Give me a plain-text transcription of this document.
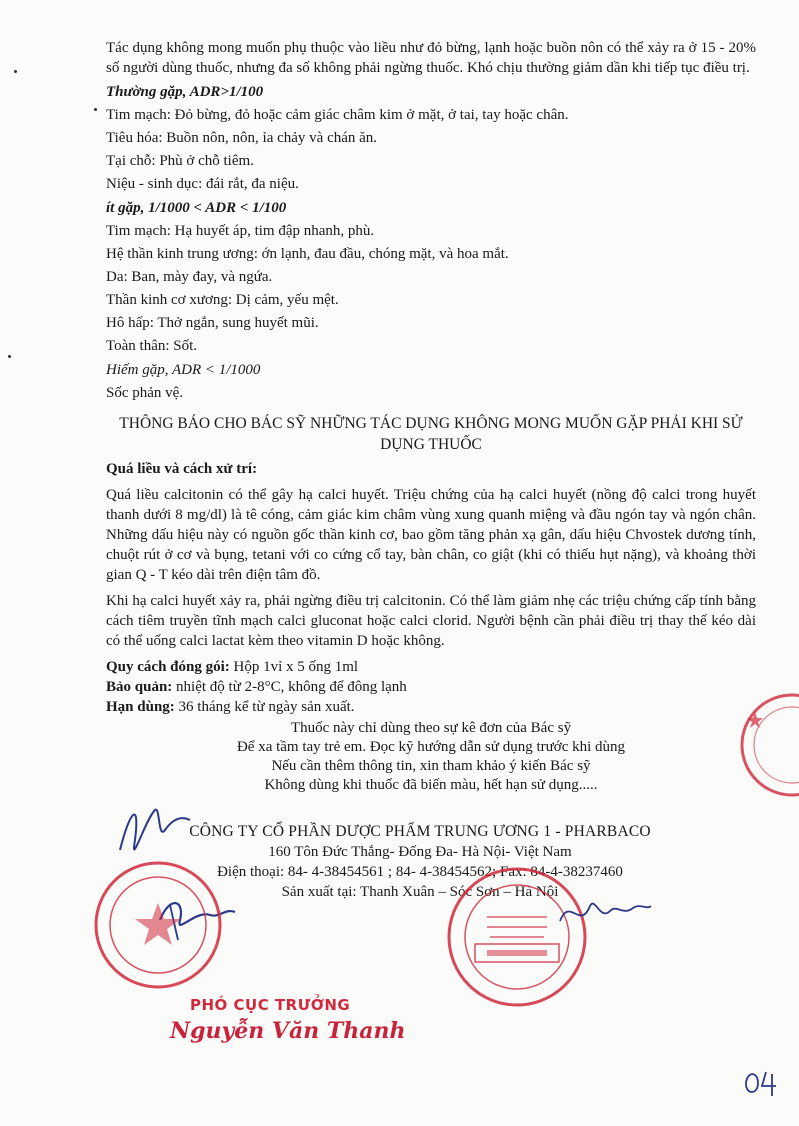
Tác dụng không mong muốn phụ thuộc vào liều như đỏ bừng, lạnh hoặc buồn nôn có thể xảy ra ở 15 - 20% số người dùng thuốc, nhưng đa số không phải ngừng thuốc. Khó chịu thường giảm dần khi tiếp tục điều trị.

Thường gặp, ADR>1/100

Tim mạch: Đỏ bừng, đỏ hoặc cảm giác châm kim ở mặt, ở tai, tay hoặc chân.

Tiêu hóa: Buồn nôn, nôn, ỉa chảy và chán ăn.

Tại chỗ: Phù ở chỗ tiêm.

Niệu - sinh dục: đái rắt, đa niệu.

ít gặp, 1/1000 < ADR < 1/100

Tim mạch: Hạ huyết áp, tim đập nhanh, phù.

Hệ thần kinh trung ương: ớn lạnh, đau đầu, chóng mặt, và hoa mắt.

Da: Ban, mày đay, và ngứa.

Thần kinh cơ xương: Dị cảm, yếu mệt.

Hô hấp: Thở ngắn, sung huyết mũi.

Toàn thân: Sốt.

Hiếm gặp, ADR < 1/1000

Sốc phản vệ.

THÔNG BÁO CHO BÁC SỸ NHỮNG TÁC DỤNG KHÔNG MONG MUỐN GẶP PHẢI KHI SỬ DỤNG THUỐC

Quá liều và cách xử trí:

Quá liều calcitonin có thể gây hạ calci huyết. Triệu chứng của hạ calci huyết (nồng độ calci trong huyết thanh dưới 8 mg/dl) là tê cóng, cảm giác kim châm vùng xung quanh miệng và đầu ngón tay và ngón chân. Những dấu hiệu này có nguồn gốc thần kinh cơ, bao gồm tăng phản xạ gân, dấu hiệu Chvostek dương tính, chuột rút ở cơ và bụng, tetani với co cứng cổ tay, bàn chân, co giật (khi có thiếu hụt nặng), và khoảng thời gian Q - T kéo dài trên điện tâm đồ.

Khi hạ calci huyết xảy ra, phải ngừng điều trị calcitonin. Có thể làm giảm nhẹ các triệu chứng cấp tính bằng cách tiêm truyền tĩnh mạch calci gluconat hoặc calci clorid. Người bệnh cần phải điều trị thay thế kéo dài có thể uống calci lactat kèm theo vitamin D hoặc không.

Quy cách đóng gói: Hộp 1vỉ x 5 ống 1ml

Bảo quản: nhiệt độ từ 2-8°C, không để đông lạnh

Hạn dùng: 36 tháng kể từ ngày sản xuất.

Thuốc này chỉ dùng theo sự kê đơn của Bác sỹ

Để xa tầm tay trẻ em. Đọc kỹ hướng dẫn sử dụng trước khi dùng

Nếu cần thêm thông tin, xin tham khảo ý kiến Bác sỹ

Không dùng khi thuốc đã biến màu, hết hạn sử dụng.....

CÔNG TY CỔ PHẦN DƯỢC PHẨM TRUNG ƯƠNG 1 - PHARBACO

160 Tôn Đức Thắng- Đống Đa- Hà Nội- Việt Nam

Điện thoại: 84- 4-38454561 ; 84- 4-38454562; Fax: 84-4-38237460

Sản xuất tại: Thanh Xuân – Sóc Sơn – Hà Nội

PHÓ CỤC TRƯỞNG

Nguyễn Văn Thanh
